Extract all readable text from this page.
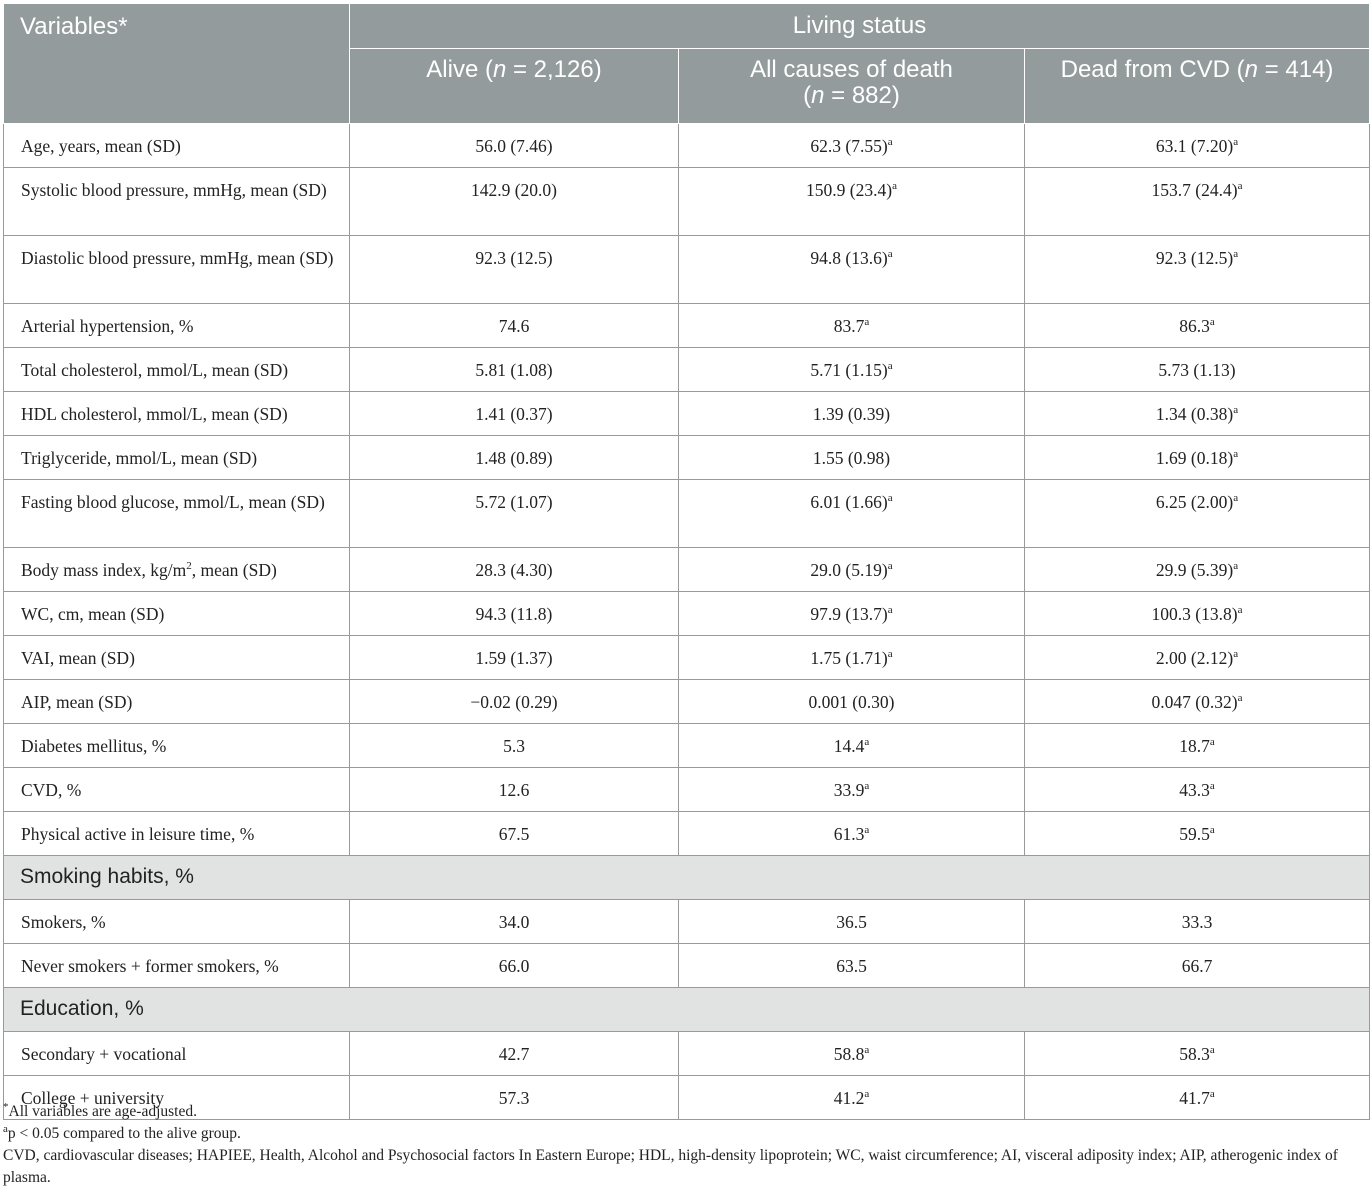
Variables*	Living status		
	Alive (n = 2,126)	All causes of death
(n = 882)	Dead from CVD (n = 414)
Age, years, mean (SD)	56.0 (7.46)	62.3 $(7.55)^a$	63.1 $(7.20)^a$
Systolic blood pressure, mmHg, mean (SD)	142.9 (20.0)	150.9 $(23.4)^a$	153.7 $(24.4)^a$
Diastolic blood pressure, mmHg, mean (SD)	92.3 (12.5)	94.8 $(13.6)^a$	92.3 $(12.5)^a$
Arterial hypertension, %	74.6	83.7$^a$	86.3$^a$
Total cholesterol, mmol/L, mean (SD)	5.81 (1.08)	5.71 $(1.15)^a$	5.73 (1.13)
HDL cholesterol, mmol/L, mean (SD)	1.41 (0.37)	1.39 (0.39)	1.34 $(0.38)^a$
Triglyceride, mmol/L, mean (SD)	1.48 (0.89)	1.55 (0.98)	1.69 $(0.18)^a$
Fasting blood glucose, mmol/L, mean (SD)	5.72 (1.07)	6.01 $(1.66)^a$	6.25 $(2.00)^a$
Body mass index, $kg/m^2$, mean (SD)	28.3 (4.30)	29.0 $(5.19)^a$	29.9 $(5.39)^a$
WC, cm, mean (SD)	94.3 (11.8)	97.9 $(13.7)^a$	100.3 $(13.8)^a$
VAI, mean (SD)	1.59 (1.37)	1.75 $(1.71)^a$	2.00 $(2.12)^a$
AIP, mean (SD)	−0.02 (0.29)	0.001 (0.30)	0.047 $(0.32)^a$
Diabetes mellitus, %	5.3	14.4$^a$	18.7$^a$
CVD, %	12.6	33.9$^a$	43.3$^a$
Physical active in leisure time, %	67.5	61.3$^a$	59.5$^a$
Smoking habits, %			
Smokers, %	34.0	36.5	33.3
Never smokers + former smokers, %	66.0	63.5	66.7
Education, %			
Secondary + vocational	42.7	58.8$^a$	58.3$^a$
College + university	57.3	41.2$^a$	41.7$^a$

*All variables are age-adjusted.

$^a$p < 0.05 compared to the alive group.

CVD, cardiovascular diseases; HAPIEE, Health, Alcohol and Psychosocial factors In Eastern Europe; HDL, high-density lipoprotein; WC, waist circumference; AI, visceral adiposity index; AIP, atherogenic index of plasma.
